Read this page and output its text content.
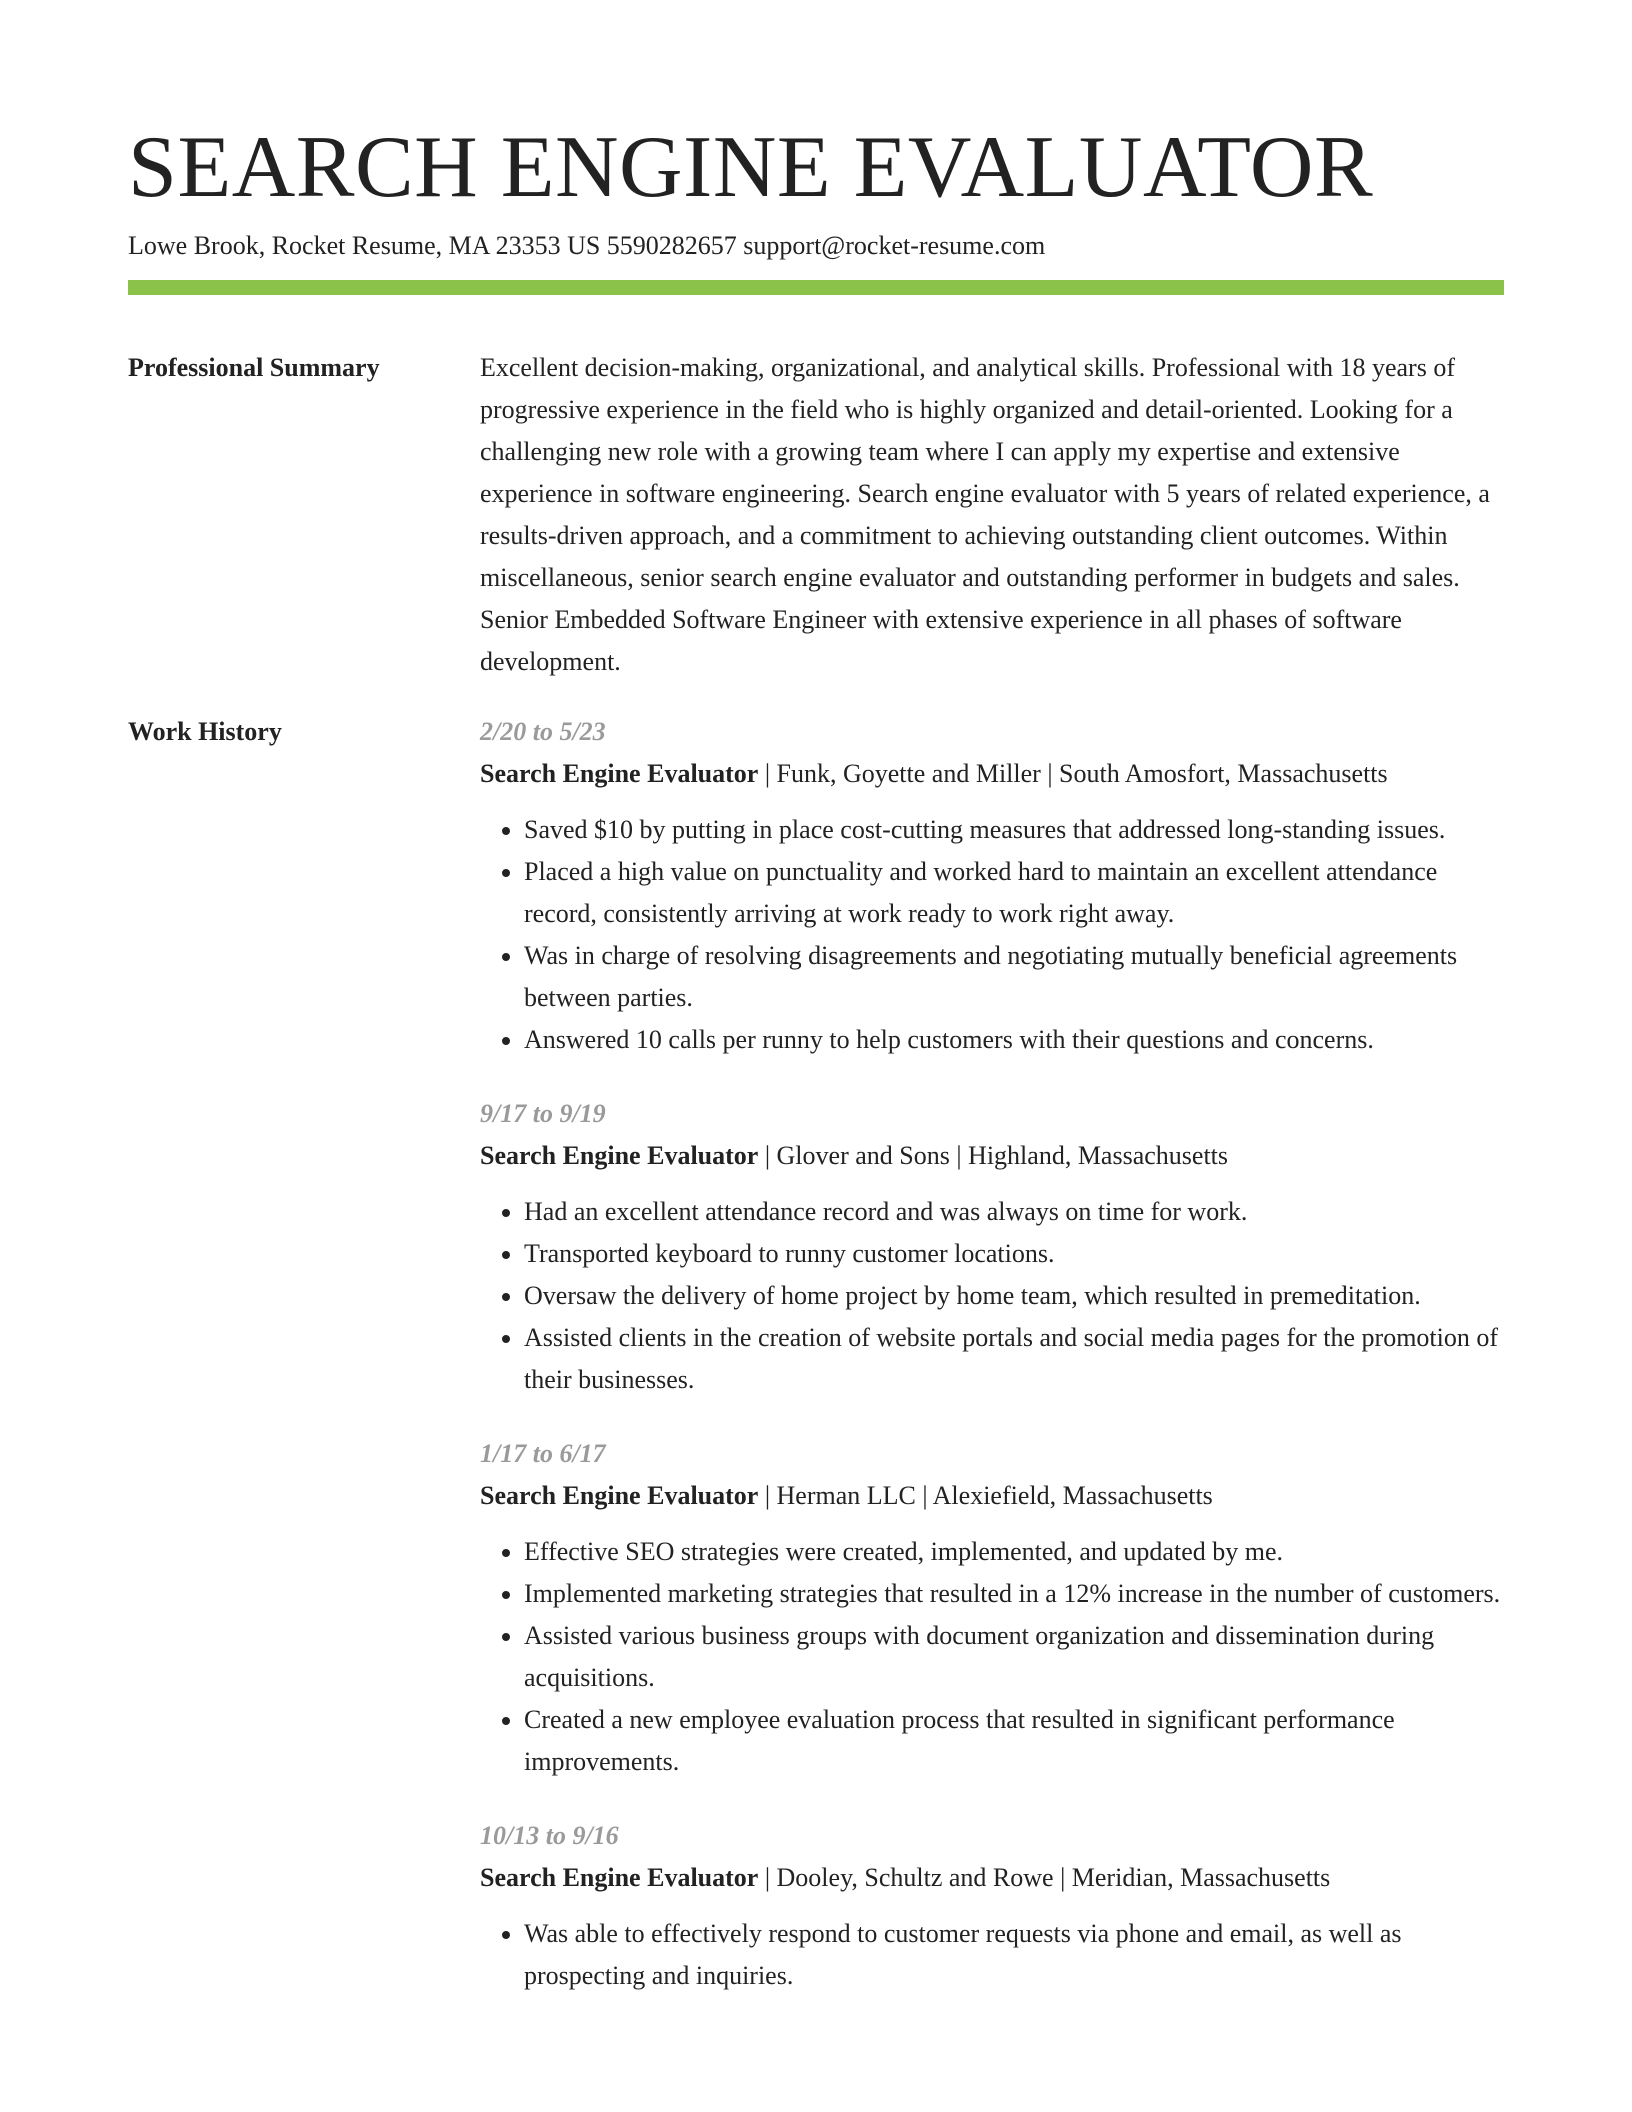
SEARCH ENGINE EVALUATOR
Lowe Brook, Rocket Resume, MA 23353 US 5590282657 support@rocket-resume.com
Professional Summary	Excellent decision-making, organizational, and analytical skills. Professional with 18 years of progressive experience in the field who is highly organized and detail-oriented. Looking for a challenging new role with a growing team where I can apply my expertise and extensive experience in software engineering. Search engine evaluator with 5 years of related experience, a results-driven approach, and a commitment to achieving outstanding client outcomes. Within miscellaneous, senior search engine evaluator and outstanding performer in budgets and sales. Senior Embedded Software Engineer with extensive experience in all phases of software development.

Work History	2/20 to 5/23
Search Engine Evaluator | Funk, Goyette and Miller | South Amosfort, Massachusetts
• Saved $10 by putting in place cost-cutting measures that addressed long-standing issues.
• Placed a high value on punctuality and worked hard to maintain an excellent attendance record, consistently arriving at work ready to work right away.
• Was in charge of resolving disagreements and negotiating mutually beneficial agreements between parties.
• Answered 10 calls per runny to help customers with their questions and concerns.
9/17 to 9/19
Search Engine Evaluator | Glover and Sons | Highland, Massachusetts
• Had an excellent attendance record and was always on time for work.
• Transported keyboard to runny customer locations.
• Oversaw the delivery of home project by home team, which resulted in premeditation.
• Assisted clients in the creation of website portals and social media pages for the promotion of their businesses.
1/17 to 6/17
Search Engine Evaluator | Herman LLC | Alexiefield, Massachusetts
• Effective SEO strategies were created, implemented, and updated by me.
• Implemented marketing strategies that resulted in a 12% increase in the number of customers.
• Assisted various business groups with document organization and dissemination during acquisitions.
• Created a new employee evaluation process that resulted in significant performance improvements.
10/13 to 9/16
Search Engine Evaluator | Dooley, Schultz and Rowe | Meridian, Massachusetts
• Was able to effectively respond to customer requests via phone and email, as well as prospecting and inquiries.
